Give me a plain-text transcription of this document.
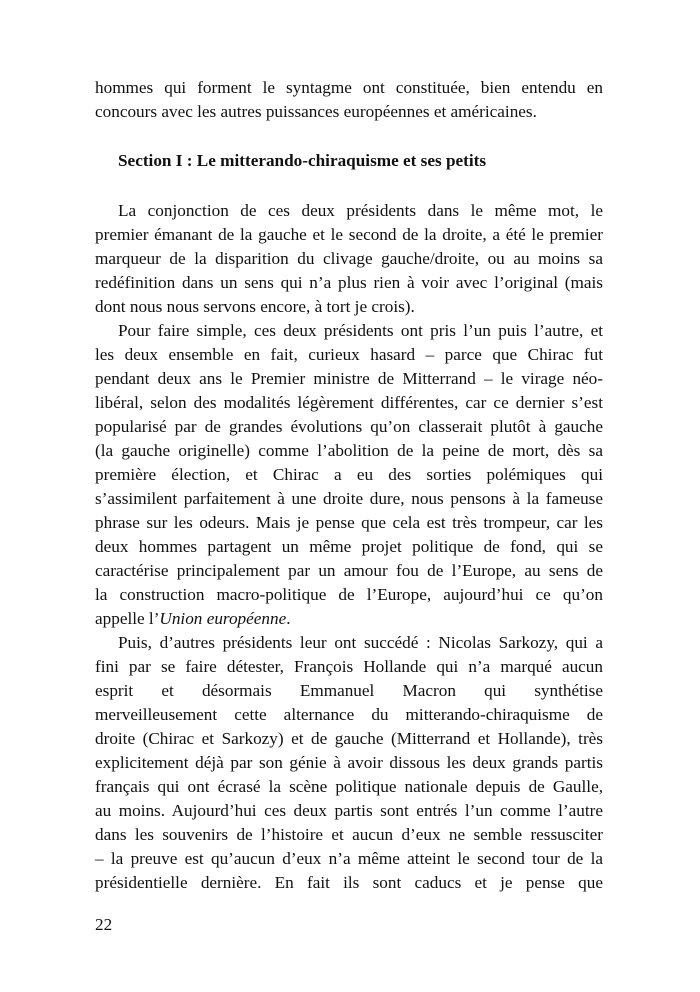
hommes qui forment le syntagme ont constituée, bien entendu en
concours avec les autres puissances européennes et américaines.
Section I : Le mitterando-chiraquisme et ses petits
La conjonction de ces deux présidents dans le même mot, le
premier émanant de la gauche et le second de la droite, a été le premier
marqueur de la disparition du clivage gauche/droite, ou au moins sa
redéfinition dans un sens qui n’a plus rien à voir avec l’original (mais
dont nous nous servons encore, à tort je crois).
Pour faire simple, ces deux présidents ont pris l’un puis l’autre, et
les deux ensemble en fait, curieux hasard – parce que Chirac fut
pendant deux ans le Premier ministre de Mitterrand – le virage néo-
libéral, selon des modalités légèrement différentes, car ce dernier s’est
popularisé par de grandes évolutions qu’on classerait plutôt à gauche
(la gauche originelle) comme l’abolition de la peine de mort, dès sa
première élection, et Chirac a eu des sorties polémiques qui
s’assimilent parfaitement à une droite dure, nous pensons à la fameuse
phrase sur les odeurs. Mais je pense que cela est très trompeur, car les
deux hommes partagent un même projet politique de fond, qui se
caractérise principalement par un amour fou de l’Europe, au sens de
la construction macro-politique de l’Europe, aujourd’hui ce qu’on
appelle l’Union européenne.
Puis, d’autres présidents leur ont succédé : Nicolas Sarkozy, qui a
fini par se faire détester, François Hollande qui n’a marqué aucun
esprit et désormais Emmanuel Macron qui synthétise
merveilleusement cette alternance du mitterando-chiraquisme de
droite (Chirac et Sarkozy) et de gauche (Mitterrand et Hollande), très
explicitement déjà par son génie à avoir dissous les deux grands partis
français qui ont écrasé la scène politique nationale depuis de Gaulle,
au moins. Aujourd’hui ces deux partis sont entrés l’un comme l’autre
dans les souvenirs de l’histoire et aucun d’eux ne semble ressusciter
– la preuve est qu’aucun d’eux n’a même atteint le second tour de la
présidentielle dernière. En fait ils sont caducs et je pense que
22
